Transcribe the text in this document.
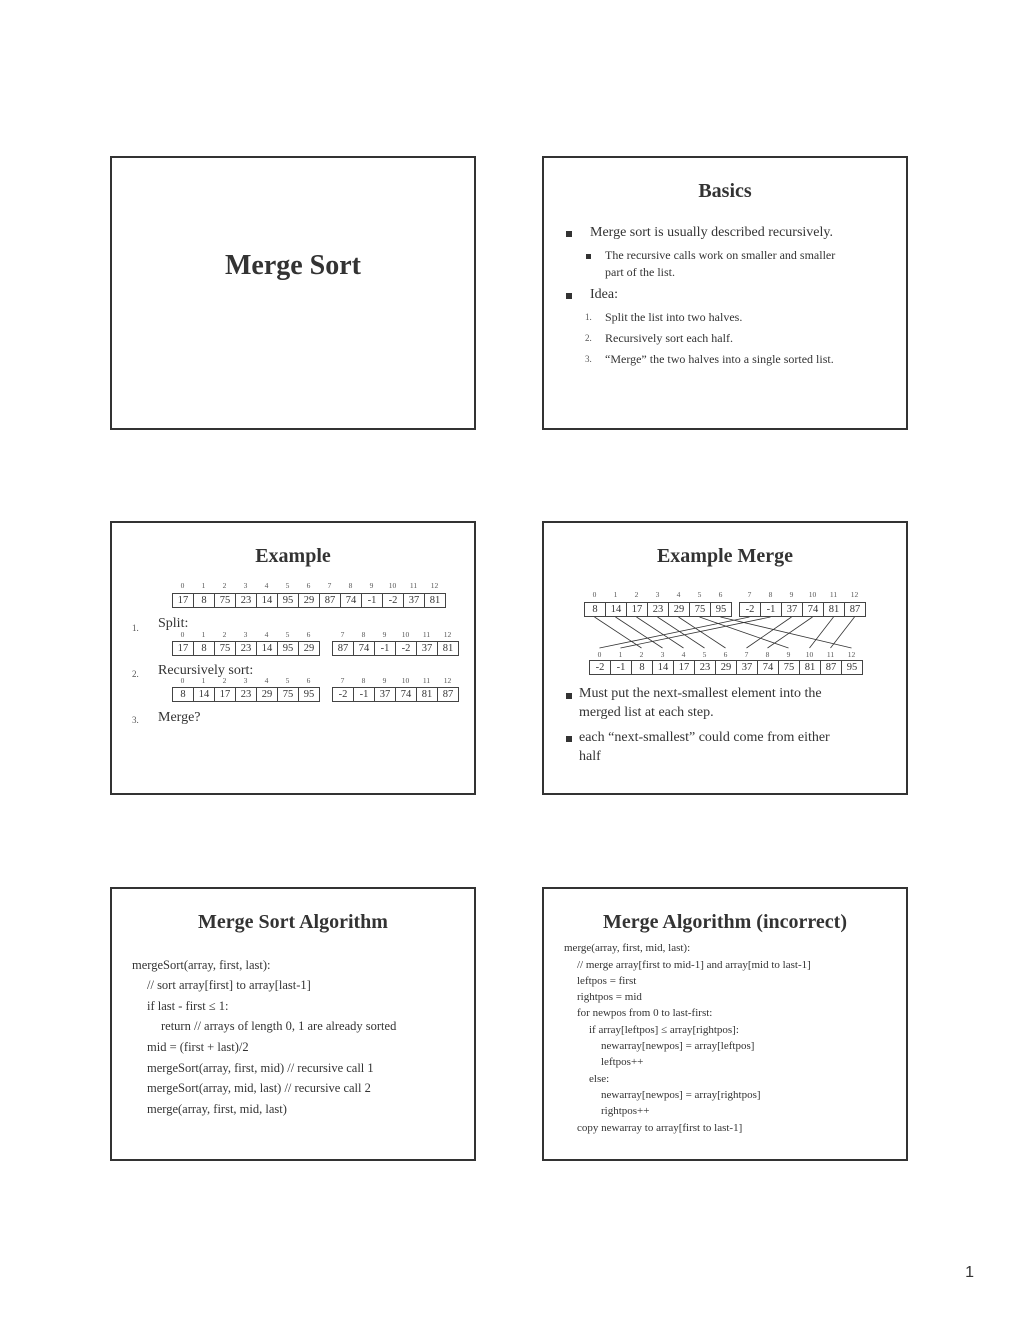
Merge Sort
Basics
Merge sort is usually described recursively.
The recursive calls work on smaller and smaller
part of the list.
Idea:
1. Split the list into two halves.
2. Recursively sort each half.
3. “Merge” the two halves into a single sorted list.
Example
0	1	2	3	4	5	6	7	8	9	10	11	12
17	8	75	23	14	95	29	87	74	-1	-2	37	81
0	1	2	3	4	5	6	7	8	9	10	11	12
17	8	75	23	14	95	29	87	74	-1	-2	37	81
0	1	2	3	4	5	6	7	8	9	10	11	12
8	14	17	23	29	75	95	-2	-1	37	74	81	87
1. Split:
2. Recursively sort:
3. Merge?
Example Merge
0	1	2	3	4	5	6	7	8	9	10	11	12
8	14	17	23	29	75	95	-2	-1	37	74	81	87
0	1	2	3	4	5	6	7	8	9	10	11	12
-2	-1	8	14	17	23	29	37	74	75	81	87	95
Must put the next-smallest element into the
merged list at each step.
each “next-smallest” could come from either
half
Merge Sort Algorithm
mergeSort(array, first, last):
// sort array[first] to array[last-1]
if last - first ≤ 1:
return // arrays of length 0, 1 are already sorted
mid = (first + last)/2
mergeSort(array, first, mid) // recursive call 1
mergeSort(array, mid, last) // recursive call 2
merge(array, first, mid, last)
Merge Algorithm (incorrect)
merge(array, first, mid, last):
// merge array[first to mid-1] and array[mid to last-1]
leftpos = first
rightpos = mid
for newpos from 0 to last-first:
if array[leftpos] ≤ array[rightpos]:
newarray[newpos] = array[leftpos]
leftpos++
else:
newarray[newpos] = array[rightpos]
rightpos++
copy newarray to array[first to last-1]
1
